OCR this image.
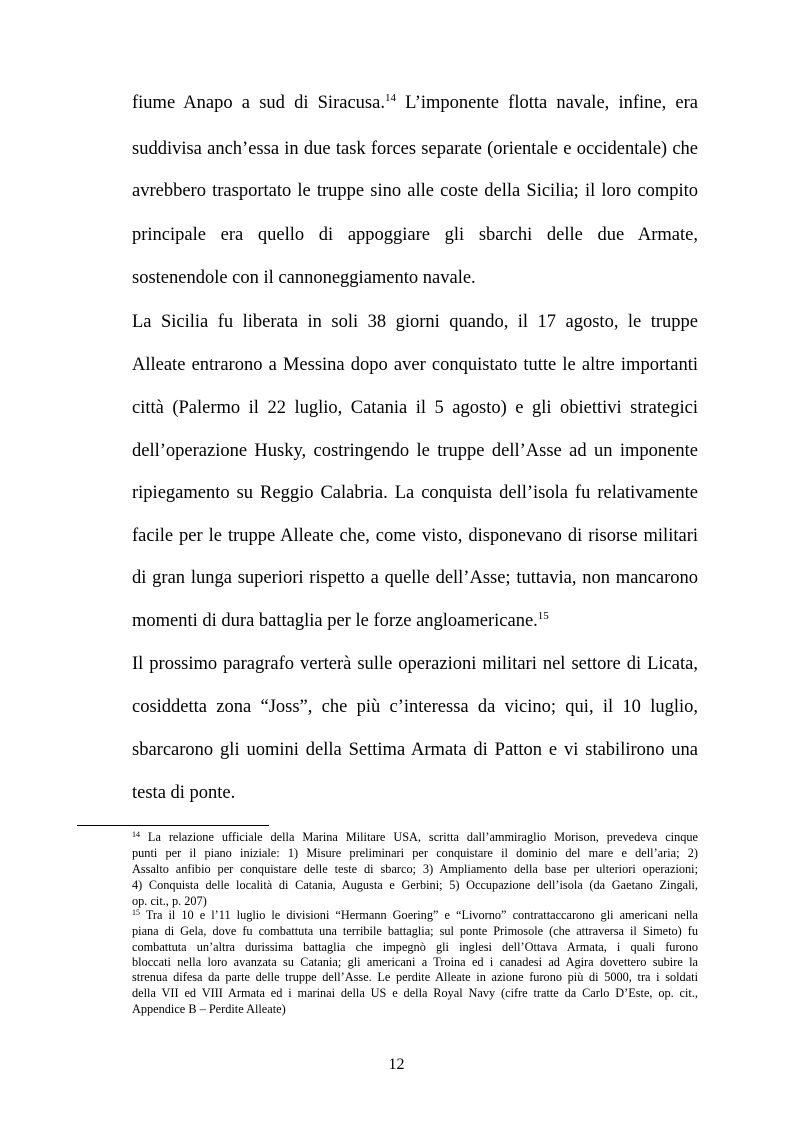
fiume Anapo a sud di Siracusa.$^{14}$ L’imponente flotta navale, infine, era
suddivisa anch’essa in due task forces separate (orientale e occidentale) che
avrebbero trasportato le truppe sino alle coste della Sicilia; il loro compito
principale era quello di appoggiare gli sbarchi delle due Armate,
sostenendole con il cannoneggiamento navale.
La Sicilia fu liberata in soli 38 giorni quando, il 17 agosto, le truppe
Alleate entrarono a Messina dopo aver conquistato tutte le altre importanti
città (Palermo il 22 luglio, Catania il 5 agosto) e gli obiettivi strategici
dell’operazione Husky, costringendo le truppe dell’Asse ad un imponente
ripiegamento su Reggio Calabria. La conquista dell’isola fu relativamente
facile per le truppe Alleate che, come visto, disponevano di risorse militari
di gran lunga superiori rispetto a quelle dell’Asse; tuttavia, non mancarono
momenti di dura battaglia per le forze angloamericane.$^{15}$
Il prossimo paragrafo verterà sulle operazioni militari nel settore di Licata,
cosiddetta zona “Joss”, che più c’interessa da vicino; qui, il 10 luglio,
sbarcarono gli uomini della Settima Armata di Patton e vi stabilirono una
testa di ponte.
$^{14}$ La relazione ufficiale della Marina Militare USA, scritta dall’ammiraglio Morison, prevedeva cinque
punti per il piano iniziale: 1) Misure preliminari per conquistare il dominio del mare e dell’aria; 2)
Assalto anfibio per conquistare delle teste di sbarco; 3) Ampliamento della base per ulteriori operazioni;
4) Conquista delle località di Catania, Augusta e Gerbini; 5) Occupazione dell’isola (da Gaetano Zingali,
op. cit., p. 207)
$^{15}$ Tra il 10 e l’11 luglio le divisioni “Hermann Goering” e “Livorno” contrattaccarono gli americani nella
piana di Gela, dove fu combattuta una terribile battaglia; sul ponte Primosole (che attraversa il Simeto) fu
combattuta un’altra durissima battaglia che impegnò gli inglesi dell’Ottava Armata, i quali furono
bloccati nella loro avanzata su Catania; gli americani a Troina ed i canadesi ad Agira dovettero subire la
strenua difesa da parte delle truppe dell’Asse. Le perdite Alleate in azione furono più di 5000, tra i soldati
della VII ed VIII Armata ed i marinai della US e della Royal Navy (cifre tratte da Carlo D’Este, op. cit.,
Appendice B – Perdite Alleate)
12
